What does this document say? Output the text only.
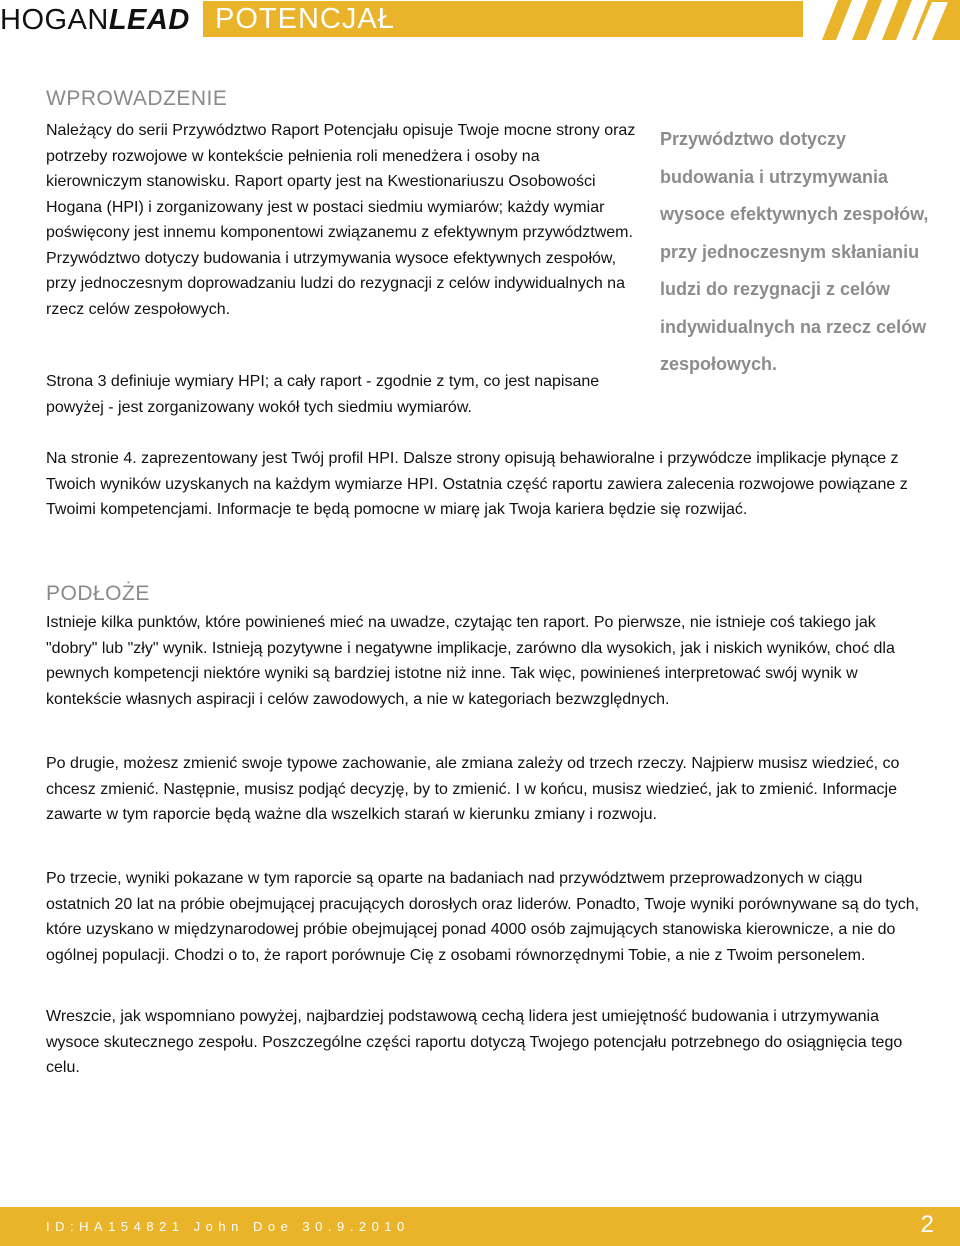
HOGANLEAD POTENCJAŁ
WPROWADZENIE

Należący do serii Przywództwo Raport Potencjału opisuje Twoje mocne strony oraz potrzeby rozwojowe w kontekście pełnienia roli menedżera i osoby na kierowniczym stanowisku. Raport oparty jest na Kwestionariuszu Osobowości Hogana (HPI) i zorganizowany jest w postaci siedmiu wymiarów; każdy wymiar poświęcony jest innemu komponentowi związanemu z efektywnym przywództwem. Przywództwo dotyczy budowania i utrzymywania wysoce efektywnych zespołów, przy jednoczesnym doprowadzaniu ludzi do rezygnacji z celów indywidualnych na rzecz celów zespołowych.

Strona 3 definiuje wymiary HPI; a cały raport - zgodnie z tym, co jest napisane powyżej - jest zorganizowany wokół tych siedmiu wymiarów.

Przywództwo dotyczy budowania i utrzymywania wysoce efektywnych zespołów, przy jednoczesnym skłanianiu ludzi do rezygnacji z celów indywidualnych na rzecz celów zespołowych.

Na stronie 4. zaprezentowany jest Twój profil HPI. Dalsze strony opisują behawioralne i przywódcze implikacje płynące z Twoich wyników uzyskanych na każdym wymiarze HPI. Ostatnia część raportu zawiera zalecenia rozwojowe powiązane z Twoimi kompetencjami. Informacje te będą pomocne w miarę jak Twoja kariera będzie się rozwijać.

PODŁOŻE

Istnieje kilka punktów, które powinieneś mieć na uwadze, czytając ten raport. Po pierwsze, nie istnieje coś takiego jak "dobry" lub "zły" wynik. Istnieją pozytywne i negatywne implikacje, zarówno dla wysokich, jak i niskich wyników, choć dla pewnych kompetencji niektóre wyniki są bardziej istotne niż inne. Tak więc, powinieneś interpretować swój wynik w kontekście własnych aspiracji i celów zawodowych, a nie w kategoriach bezwzględnych.

Po drugie, możesz zmienić swoje typowe zachowanie, ale zmiana zależy od trzech rzeczy. Najpierw musisz wiedzieć, co chcesz zmienić. Następnie, musisz podjąć decyzję, by to zmienić. I w końcu, musisz wiedzieć, jak to zmienić. Informacje zawarte w tym raporcie będą ważne dla wszelkich starań w kierunku zmiany i rozwoju.

Po trzecie, wyniki pokazane w tym raporcie są oparte na badaniach nad przywództwem przeprowadzonych w ciągu ostatnich 20 lat na próbie obejmującej pracujących dorosłych oraz liderów. Ponadto, Twoje wyniki porównywane są do tych, które uzyskano w międzynarodowej próbie obejmującej ponad 4000 osób zajmujących stanowiska kierownicze, a nie do ogólnej populacji. Chodzi o to, że raport porównuje Cię z osobami równorzędnymi Tobie, a nie z Twoim personelem.

Wreszcie, jak wspomniano powyżej, najbardziej podstawową cechą lidera jest umiejętność budowania i utrzymywania wysoce skutecznego zespołu. Poszczególne części raportu dotyczą Twojego potencjału potrzebnego do osiągnięcia tego celu.

ID:HA154821 John Doe 30.9.2010	2
